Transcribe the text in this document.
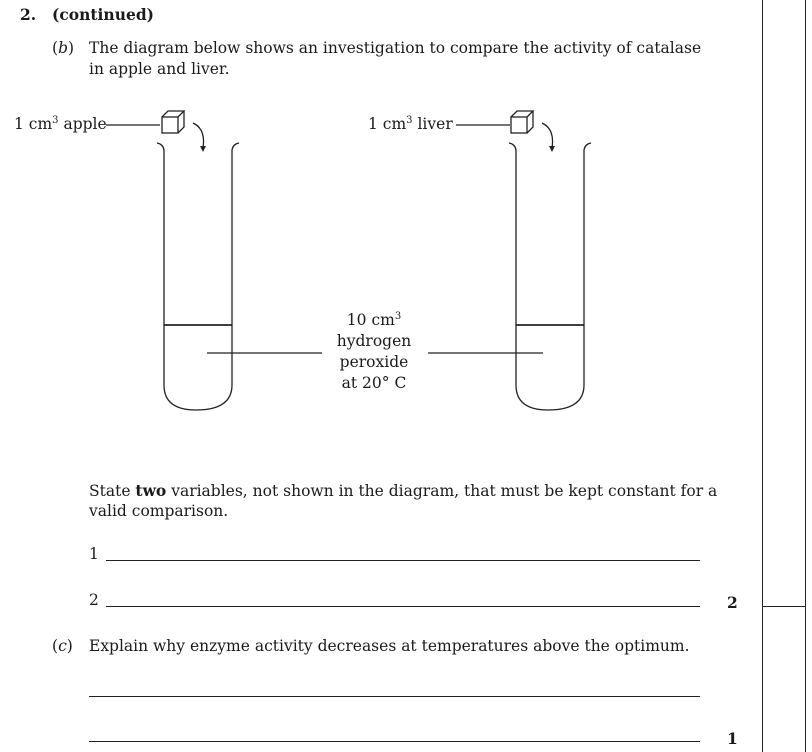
2. (continued)
(b) The diagram below shows an investigation to compare the activity of catalase
in apple and liver.
1 $cm^3$ apple	1 $cm^3$ liver
10 $cm^3$
hydrogen
peroxide
at 20° C
State two variables, not shown in the diagram, that must be kept constant for a
valid comparison.
1
2	2
(c) Explain why enzyme activity decreases at temperatures above the optimum.
1
